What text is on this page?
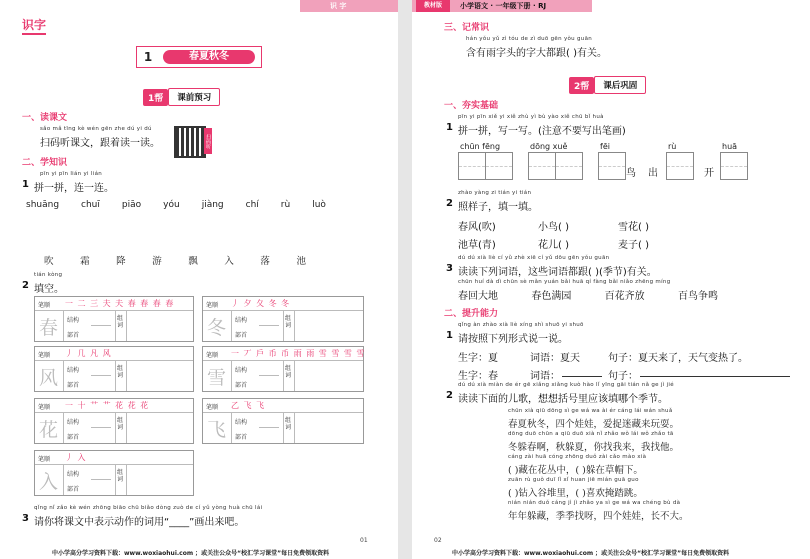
识 字
识字
1	春夏秋冬
1帮	课前预习
一、读课文
sǎo mǎ tīng kè wén gēn zhe dú yi dú
扫码听课文，跟着读一读。	扫码听
二、学知识
pīn yi pīn lián yi lián
1 拼一拼，连一连。
shuāng chuī piāo yóu jiàng chí rù luò
吹	霜	降	游	飘	入	落	池
tián kòng
2 填空。
笔顺 一 二 三 夫 夫 春 春 春 春
春 结构
部首
组词
笔顺 丿 夕 夂 冬 冬
冬 结构
部首
组词
笔顺 丿 几 凡 风
风 结构
部首
组词
笔顺 一 丆 戶 币 币 雨 雨 雪 雪 雪 雪
雪 结构
部首
组词
笔顺 一 十 艹 艹 花 花 花
花 结构
部首
组词
笔顺 乙 飞 飞
飞 结构
部首
组词
笔顺 丿 入
入 结构
部首
组词
qǐng nǐ zǎo kè wén zhōng biāo chū biǎo dòng zuò de cí yǔ yòng huà chū lái
3 请你将课文中表示动作的词用“____”画出来吧。
01
中小学高分学习资料下载：www.woxiaohui.com ；或关注公众号“校汇学习课堂”每日免费领取资料
教材版	小学语文 · 一年级下册 · RJ
三、记常识
hán yǒu yǔ zì tóu de zì duō gēn yǒu guān
含有雨字头的字大都跟( )有关。
2帮	课后巩固
一、夯实基础
pīn yi pīn xiě yi xiě zhù yì bù yào xiě chū bǐ huà
1 拼一拼，写一写。(注意不要写出笔画)
chūn fēng	dōng xuě	fēi	rù	huā
鸟 出	开
zhào yàng zi tián yi tián
2 照样子，填一填。
春风(吹)	小鸟( )	雪花( )
池草(青)	花儿( )	麦子( )
dú dú xià liè cí yǔ zhè xiē cí yǔ dōu gēn yǒu guān
3 读读下列词语，这些词语都跟( )(季节)有关。
chūn huí dà dì chūn sè mǎn yuán bǎi huā qí fàng bǎi niǎo zhēng míng
春回大地	春色满园	百花齐放	百鸟争鸣
二、提升能力
qǐng àn zhào xià liè xíng shì shuō yi shuō
1 请按照下列形式说一说。
生字：夏	词语：夏天	句子：夏天来了，天气变热了。
生字：春	词语：	句子：
dú dú xià miàn de ér gē xiǎng xiǎng kuò hào lǐ yīng gāi tián nǎ ge jì jié
2 读读下面的儿歌，想想括号里应该填哪个季节。
chūn xià qiū dōng sì ge wá wa ài ér cáng lái wán shuǎ
春夏秋冬，四个娃娃，爱捉迷藏来玩耍。
dōng duō chūn a qiū duō xià nǐ zhǎo wǒ lái wǒ zhǎo tā
冬躲春啊，秋躲夏，你找我来，我找他。
cáng zài huā cóng zhōng duǒ zài cǎo mào xià
( )藏在花丛中，( )躲在草帽下。
zuān rù guǒ duī lǐ xǐ huan jiē mián guā guo
( )钻入谷堆里，( )喜欢掩踏跳。
nián nián duǒ cáng jì jì zhǎo ya sì ge wá wa chéng bù dà
年年躲藏，季季找呀，四个娃娃，长不大。
02
中小学高分学习资料下载：www.woxiaohui.com ；或关注公众号“校汇学习课堂”每日免费领取资料
